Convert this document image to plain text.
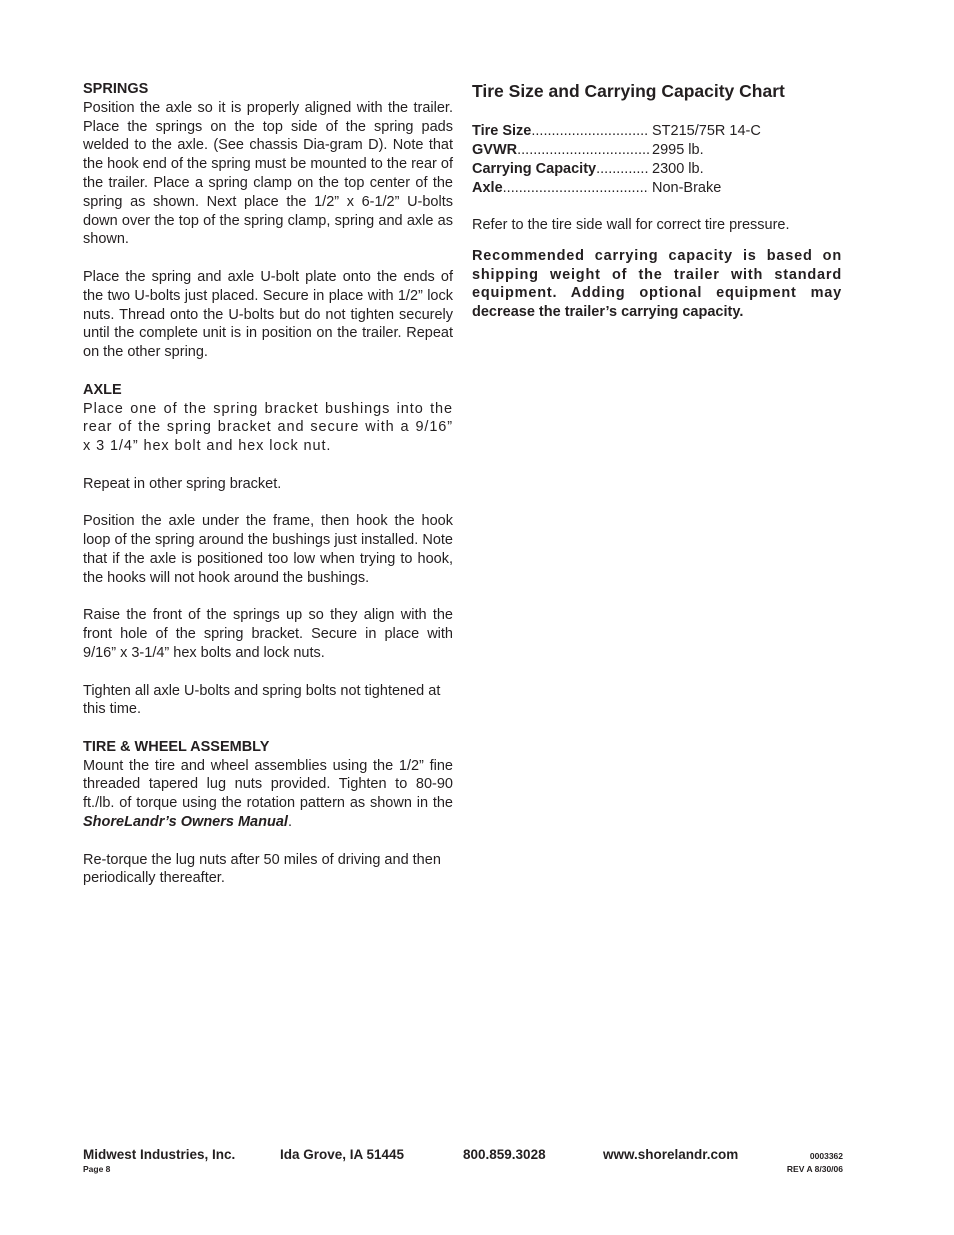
SPRINGS

Position the axle so it is properly aligned with the trailer. Place the springs on the top side of the spring pads welded to the axle. (See chassis Dia-gram D). Note that the hook end of the spring must be mounted to the rear of the trailer. Place a spring clamp on the top center of the spring as shown. Next place the 1/2” x 6-1/2” U-bolts down over the top of the spring clamp, spring and axle as shown.

Place the spring and axle U-bolt plate onto the ends of the two U-bolts just placed. Secure in place with 1/2” lock nuts. Thread onto the U-bolts but do not tighten securely until the complete unit is in position on the trailer. Repeat on the other spring.

AXLE

Place one of the spring bracket bushings into the rear of the spring bracket and secure with a 9/16” x 3 1/4” hex bolt and hex lock nut.

Repeat in other spring bracket.

Position the axle under the frame, then hook the hook loop of the spring around the bushings just installed. Note that if the axle is positioned too low when trying to hook, the hooks will not hook around the bushings.

Raise the front of the springs up so they align with the front hole of the spring bracket. Secure in place with 9/16” x 3-1/4” hex bolts and lock nuts.

Tighten all axle U-bolts and spring bolts not tightened at this time.

TIRE & WHEEL ASSEMBLY

Mount the tire and wheel assemblies using the 1/2” fine threaded tapered lug nuts provided. Tighten to 80-90 ft./lb. of torque using the rotation pattern as shown in the ShoreLandr’s Owners Manual.

Re-torque the lug nuts after 50 miles of driving and then periodically thereafter.

Tire Size and Carrying Capacity Chart
Tire Size .....	ST215/75R 14-C
GVWR .....	2995 lb.
Carrying Capacity .....	2300 lb.
Axle .....	Non-Brake
Refer to the tire side wall for correct tire pressure.
Recommended carrying capacity is based on shipping weight of the trailer with standard equipment. Adding optional equipment may decrease the trailer’s carrying capacity.
Midwest Industries, Inc.	Ida Grove, IA 51445	800.859.3028	www.shorelandr.com	0003362
Page 8	REV A 8/30/06
